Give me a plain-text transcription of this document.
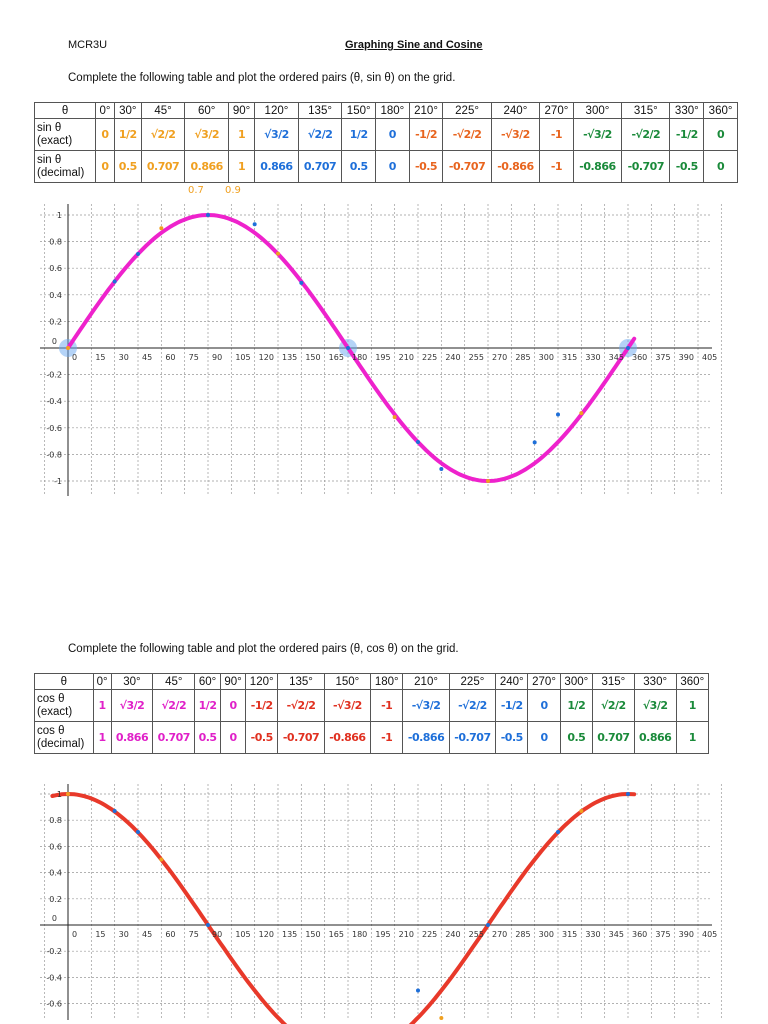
MCR3U	Graphing Sine and Cosine
Complete the following table and plot the ordered pairs (θ, sin θ) on the grid.
θ	0°	30°	45°	60°	90°	120°	135°	150°	180°	210°	225°	240°	270°	300°	315°	330°	360°

sin θ
(exact)	0	1/2	√2/2	√3/2	1	√3/2	√2/2	1/2	0	-1/2	-√2/2	-√3/2	-1	-√3/2	-√2/2	-1/2	0

sin θ
(decimal)	0	0.5	0.707	0.866	1	0.866	0.707	0.5	0	-0.5	-0.707	-0.866	-1	-0.866	-0.707	-0.5	0
0.7 0.9
0 15 30 45 60 75 90 105 120 135 150 165 180 195 210 225 240 255 270 285 300 315 330 345 360 375 390 405
1
0.8
0.6
0.4
0.2
0
-0.2
-0.4
-0.6
-0.8
-1
Complete the following table and plot the ordered pairs (θ, cos θ) on the grid.
θ	0°	30°	45°	60°	90°	120°	135°	150°	180°	210°	225°	240°	270°	300°	315°	330°	360°

cos θ
(exact)	1	√3/2	√2/2	1/2	0	-1/2	-√2/2	-√3/2	-1	-√3/2	-√2/2	-1/2	0	1/2	√2/2	√3/2	1

cos θ
(decimal)	1	0.866	0.707	0.5	0	-0.5	-0.707	-0.866	-1	-0.866	-0.707	-0.5	0	0.5	0.707	0.866	1
0 15 30 45 60 75 90 105 120 135 150 165 180 195 210 225 240 255 270 285 300 315 330 345 360 375 390 405
1
0.8
0.6
0.4
0.2
0
-0.2
-0.4
-0.6
